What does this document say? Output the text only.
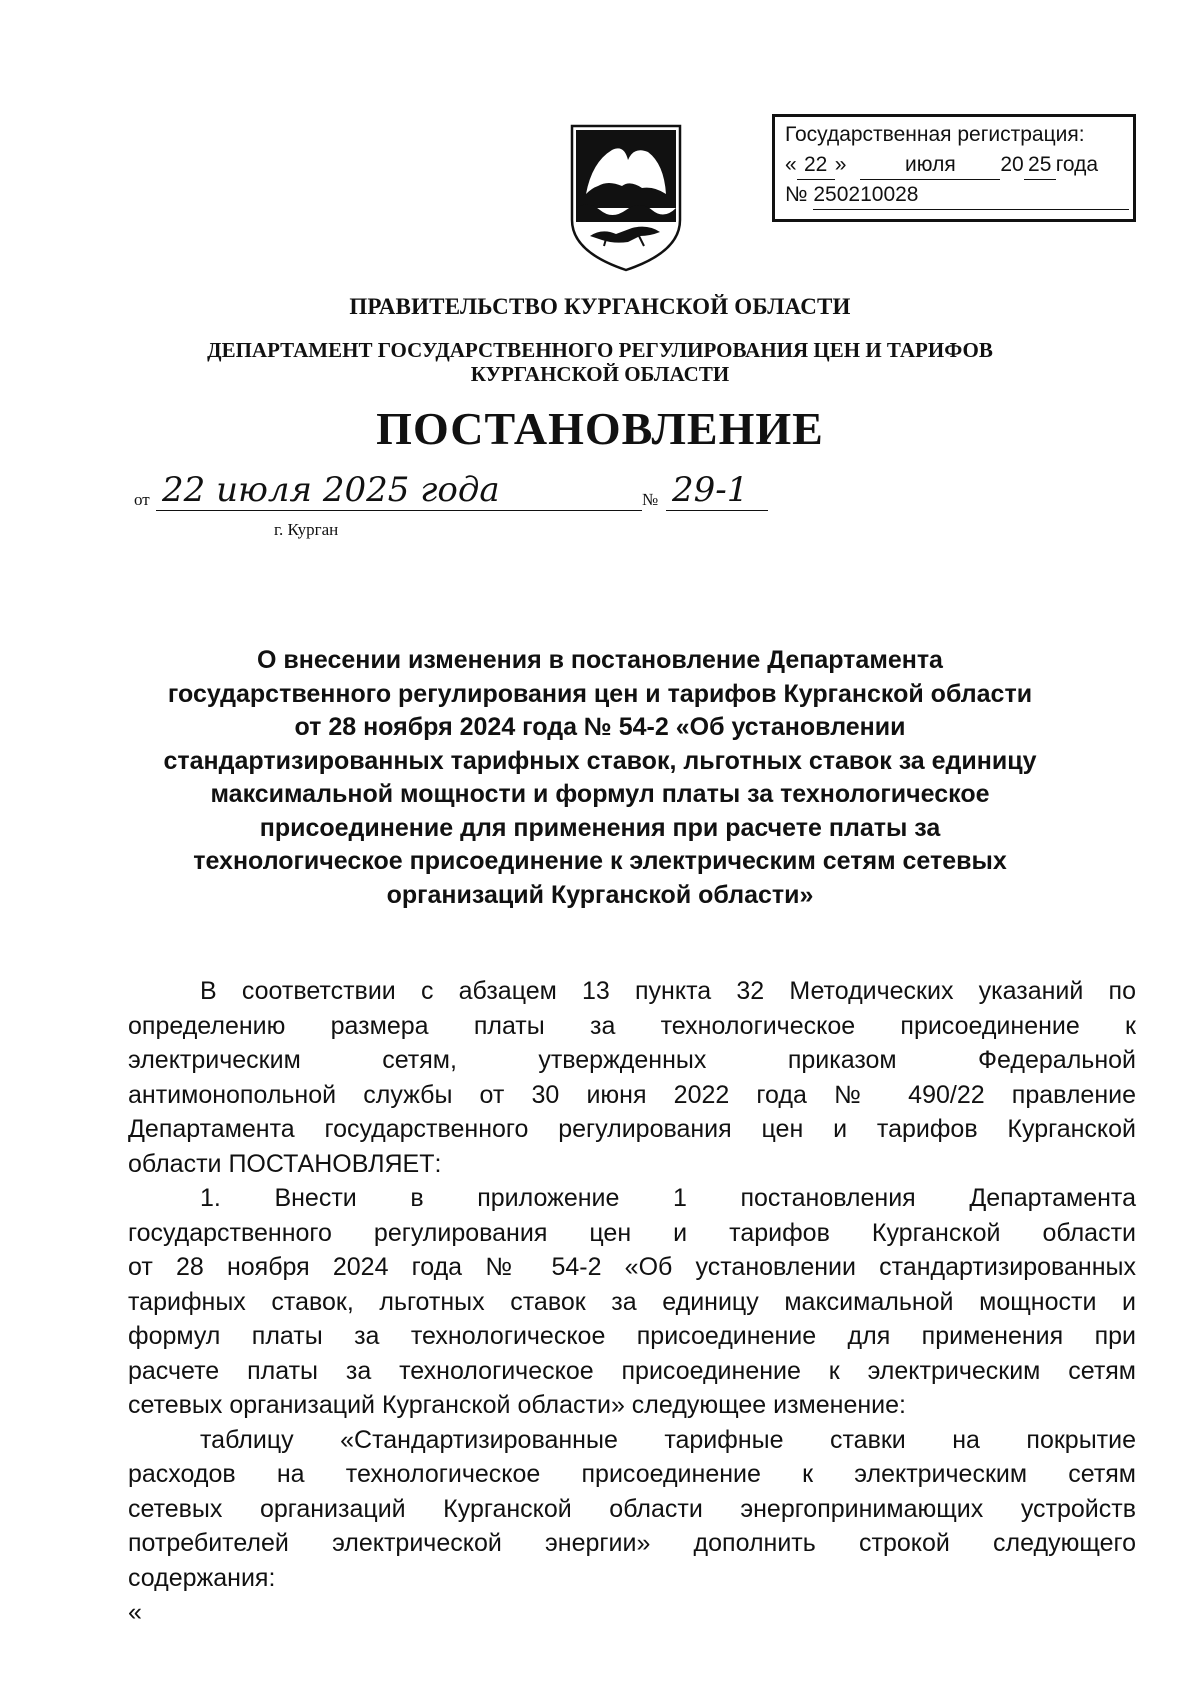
Государственная регистрация:
« 22 »	июля 20 25 года
№ 250210028
ПРАВИТЕЛЬСТВО КУРГАНСКОЙ ОБЛАСТИ
ДЕПАРТАМЕНТ ГОСУДАРСТВЕННОГО РЕГУЛИРОВАНИЯ ЦЕН И ТАРИФОВ
КУРГАНСКОЙ ОБЛАСТИ
ПОСТАНОВЛЕНИЕ
от 22 июля 2025 года	№ 29-1
г. Курган
О внесении изменения в постановление Департамента
государственного регулирования цен и тарифов Курганской области
от 28 ноября 2024 года № 54-2 «Об установлении
стандартизированных тарифных ставок, льготных ставок за единицу
максимальной мощности и формул платы за технологическое
присоединение для применения при расчете платы за
технологическое присоединение к электрическим сетям сетевых
организаций Курганской области»
В соответствии с абзацем 13 пункта 32 Методических указаний по
определению размера платы за технологическое присоединение к
электрическим сетям, утвержденных приказом Федеральной
антимонопольной службы от 30 июня 2022 года № 490/22 правление
Департамента государственного регулирования цен и тарифов Курганской
области ПОСТАНОВЛЯЕТ:
1. Внести в приложение 1 постановления Департамента
государственного регулирования цен и тарифов Курганской области
от 28 ноября 2024 года № 54-2 «Об установлении стандартизированных
тарифных ставок, льготных ставок за единицу максимальной мощности и
формул платы за технологическое присоединение для применения при
расчете платы за технологическое присоединение к электрическим сетям
сетевых организаций Курганской области» следующее изменение:
таблицу «Стандартизированные тарифные ставки на покрытие
расходов на технологическое присоединение к электрическим сетям
сетевых организаций Курганской области энергопринимающих устройств
потребителей электрической энергии» дополнить строкой следующего
содержания:
«
